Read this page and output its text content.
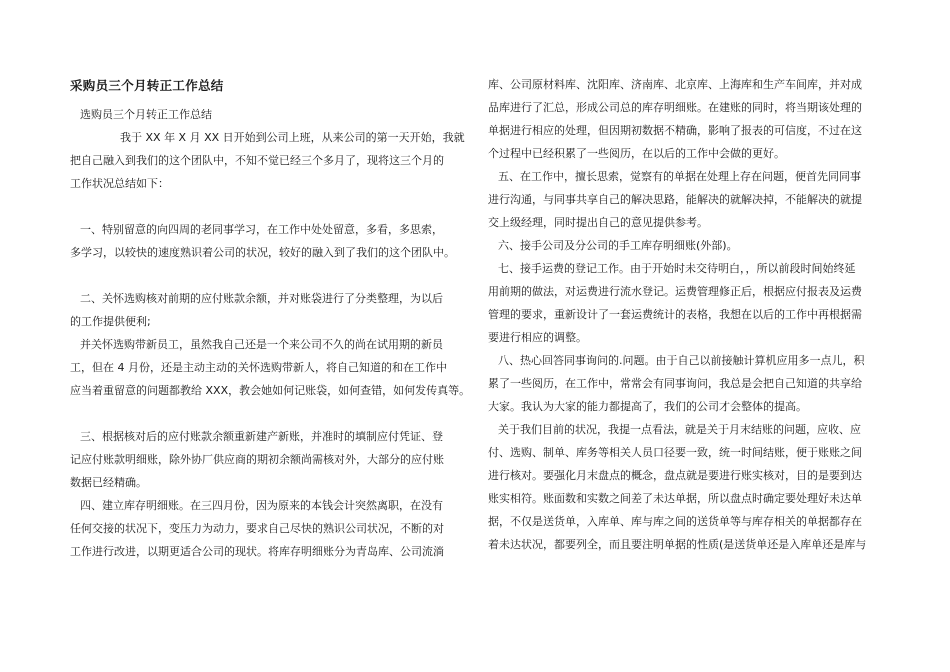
采购员三个月转正工作总结
选购员三个月转正工作总结
我于 XX 年 X 月 XX 日开始到公司上班，从来公司的第一天开始，我就
把自己融入到我们的这个团队中，不知不觉已经三个多月了，现将这三个月的
工作状况总结如下：
一、特别留意的向四周的老同事学习，在工作中处处留意，多看，多思索，
多学习，以较快的速度熟识着公司的状况，较好的融入到了我们的这个团队中。
二、关怀选购核对前期的应付账款余额，并对账袋进行了分类整理，为以后
的工作提供便利;
并关怀选购带新员工，虽然我自己还是一个来公司不久的尚在试用期的新员
工，但在 4 月份，还是主动主动的关怀选购带新人，将自己知道的和在工作中
应当着重留意的问题都教给 XXX，教会她如何记账袋，如何查错，如何发传真等。
三、根据核对后的应付账款余额重新建产新账，并准时的填制应付凭证、登
记应付账款明细账，除外协厂供应商的期初余额尚需核对外，大部分的应付账
数据已经精确。
四、建立库存明细账。在三四月份，因为原来的本钱会计突然离职，在没有
任何交接的状况下，变压力为动力，要求自己尽快的熟识公司状况，不断的对
工作进行改进，以期更适合公司的现状。将库存明细账分为青岛库、公司流淌
库、公司原材料库、沈阳库、济南库、北京库、上海库和生产车间库，并对成
品库进行了汇总，形成公司总的库存明细账。在建账的同时，将当期该处理的
单据进行相应的处理，但因期初数据不精确，影响了报表的可信度，不过在这
个过程中已经积累了一些阅历，在以后的工作中会做的更好。
五、在工作中，擅长思索，觉察有的单据在处理上存在问题，便首先同同事
进行沟通，与同事共享自己的解决思路，能解决的就解决掉，不能解决的就提
交上级经理，同时提出自己的意见提供参考。
六、接手公司及分公司的手工库存明细账(外部)。
七、接手运费的登记工作。由于开始时未交待明白，，所以前段时间始终延
用前期的做法，对运费进行流水登记。运费管理修正后，根据应付报表及运费
管理的要求，重新设计了一套运费统计的表格，我想在以后的工作中再根据需
要进行相应的调整。
八、热心回答同事询问的.问题。由于自己以前接触计算机应用多一点儿，积
累了一些阅历，在工作中，常常会有同事询问，我总是会把自己知道的共享给
大家。我认为大家的能力都提高了，我们的公司才会整体的提高。
关于我们目前的状况，我提一点看法，就是关于月末结账的问题，应收、应
付、选购、制单、库务等相关人员口径要一致，统一时间结账，便于账账之间
进行核对。要强化月末盘点的概念，盘点就是要进行账实核对，目的是要到达
账实相符。账面数和实数之间差了未达单据，所以盘点时确定要处理好未达单
据，不仅是送货单，入库单、库与库之间的送货单等与库存相关的单据都存在
着未达状况，都要列全，而且要注明单据的性质(是送货单还是入库单还是库与
